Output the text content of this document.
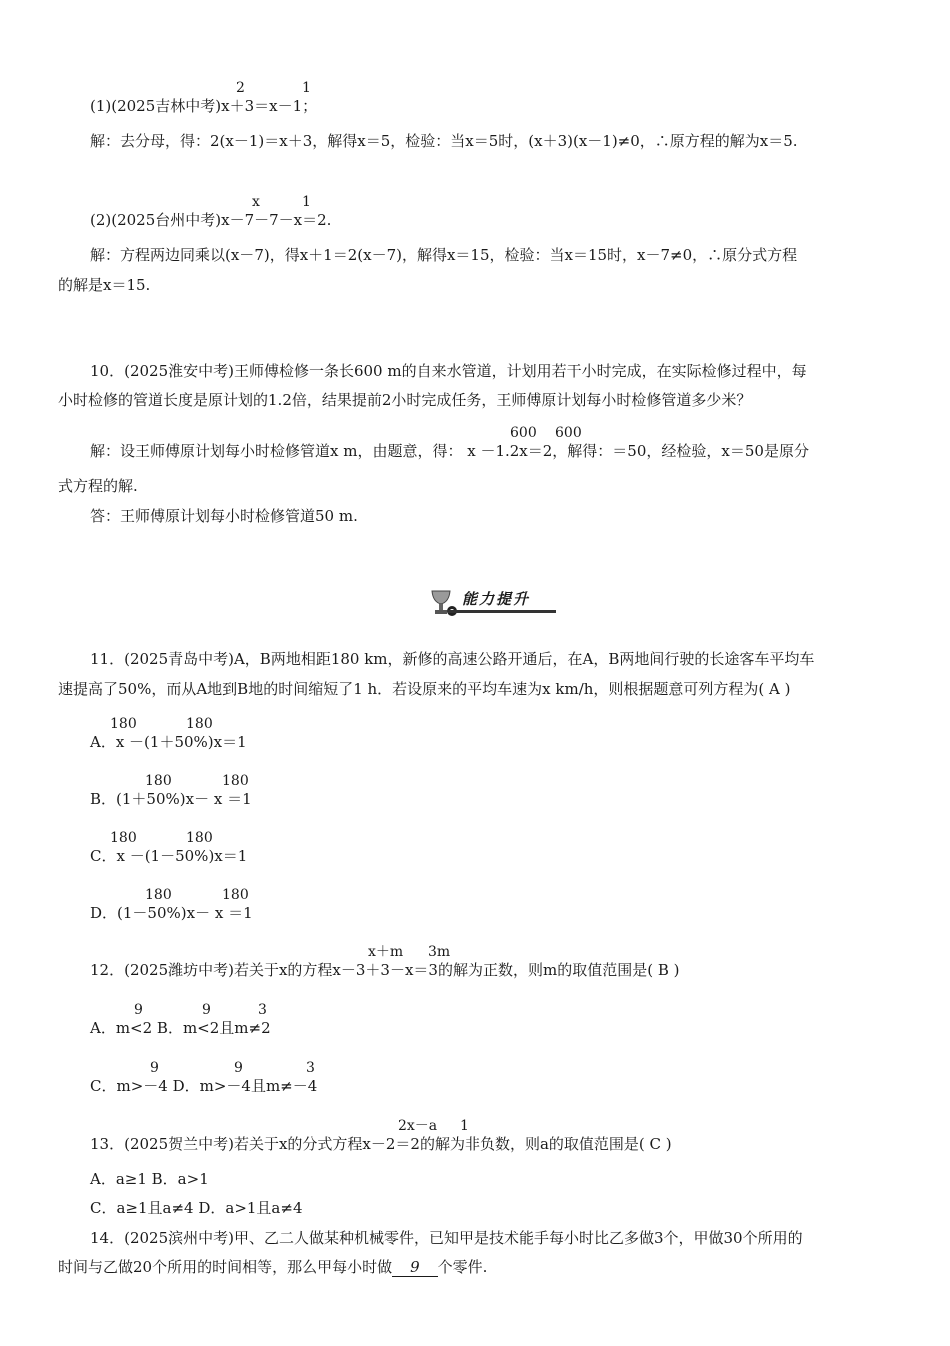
2	1
(1)(2025吉林中考)x＋3＝x－1；
解：去分母，得：2(x－1)＝x＋3，解得x＝5，检验：当x＝5时，(x＋3)(x－1)≠0，∴原方程的解为x＝5.
x	1
(2)(2025台州中考)x－7－7－x＝2.
解：方程两边同乘以(x－7)，得x＋1＝2(x－7)，解得x＝15，检验：当x＝15时，x－7≠0，∴原分式方程
的解是x＝15.
10．(2025淮安中考)王师傅检修一条长600 m的自来水管道，计划用若干小时完成，在实际检修过程中，每
小时检修的管道长度是原计划的1.2倍，结果提前2小时完成任务，王师傅原计划每小时检修管道多少米？
600 600
解：设王师傅原计划每小时检修管道x m，由题意，得： x －1.2x＝2，解得：＝50，经检验，x＝50是原分
式方程的解.
答：王师傅原计划每小时检修管道50 m.
能力提升
11．(2025青岛中考)A，B两地相距180 km，新修的高速公路开通后，在A，B两地间行驶的长途客车平均车
速提高了50%，而从A地到B地的时间缩短了1 h．若设原来的平均车速为x km/h，则根据题意可列方程为( A )
180	180
A．x －(1＋50%)x＝1
180	180
B．(1＋50%)x－ x ＝1
180	180
C．x －(1－50%)x＝1
180	180
D．(1－50%)x－ x ＝1
x＋m 3m
12．(2025潍坊中考)若关于x的方程x－3＋3－x＝3的解为正数，则m的取值范围是( B )
9	9	3
A．m<2 B．m<2且m≠2
9	9	3
C．m>－4 D．m>－4且m≠－4
2x－a 1
13．(2025贺兰中考)若关于x的分式方程x－2＝2的解为非负数，则a的取值范围是( C )
A．a≥1 B．a>1
C．a≥1且a≠4 D．a>1且a≠4
14．(2025滨州中考)甲、乙二人做某种机械零件，已知甲是技术能手每小时比乙多做3个，甲做30个所用的
时间与乙做20个所用的时间相等，那么甲每小时做 9 个零件.
